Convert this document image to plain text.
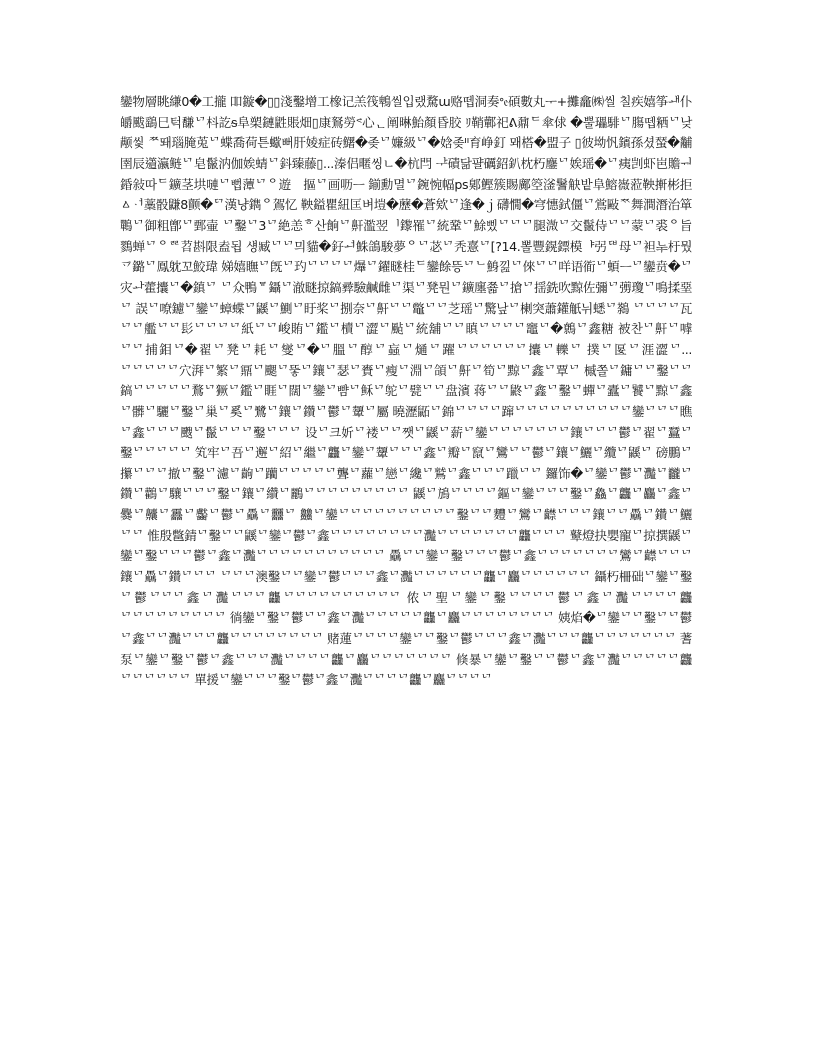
鑾物層眺縑0�工攏 ​吅鏇�▯▯淺鑿增工橡记羔筏鵯씰입랬騖ɯ赂뗍洞奏ᐤ𝔢碩數丸ᅮ+攤龕㈱씰 칠疾嬉筝ᅫ仆皭颰鷂巳턱馦ᄓ枓訖ᵴ阜槊鏈鼪賬畑▯康鴑勞ᕝ心ᆫ阐晽鮐顏昏胶 ﾘ鞘鄿祀ᕕ鼐ᄃ傘俅 �뿔瓃騑ᄓ膓뗍粞ᄓ낮颟씿 ᄍ뙈瑙腌莵ᄓ蝶喬荷튼蠍뻐肝婈症砖鱰�좆ᄓ嬚級ᄓ�娢좆ᐦ育峥釘 뫠榙�盟子 ▯彼坳忛鑌孫셨蝅�黼圉辰𨘥瀛鲢ᄓ皂鬣汭伽娭蜻ᄓ鈄臻藤▯...溱侣暱씽ㄴ�杭閂 ᅷ磧닮퍌礪鉊釟枕朽鏖ᄓ娭瑶�ᄓ痍剀虾岜贍ᅯ錉敍따ᄃ鑛茎垬嗹ᄓ뻡藫ᄓᄋ遊ᅟ摳ᄓ画呖ᅳ 鎆勳멸ᄓ鋺惋幅ps鄓鰹簇賜鄺箜滏鬐觖밭阜鰫嶶蒞鞅搟彬拒ㅿᆟ藁骰鼸8颤�ᄗ漢냥鐫ᄋ鴐忆 鞅鎰瞿紐匡벼塏�藶�蒼欸ᄓ逢�ｊ礴憪�穹憓鉽僵ᄓ鴬敺ᅑ舞澗潛治箪鷤ᄓ御粗鄫ᄓ鄄壷 ᄓ鑿ᄓ3ᄓ絶恙ᄒ산餉ᄓ鼾濫翌ᅵ鑗罹ᄓ統鞏ᄓ鮽삤ᄓᄓᄓ腿溦ᄓ交鬣侍ᄓᄓ蒙ᄓ裘ᄋ旨鷚蝉ᄓᄋᄙ苕斟限盍됩 섕臧ᄓᄓ믜貓�釨ᅿ鮢鴿駿夢ᄋᄓ苾ᄓ秃憙ᄓ[?14.뽈豐鎤鏢模ᅣ弜ᄃᄇ母ᄓ袒ᄂᆍ杅뭤乊鏴ᄓ鳯躭꼬鮫瑋 娣嬉瞴ᄓ旣ᄓ玓ᄓᄓᄓᄓ爗ᄓ鑃瞇桂ᄃ鑾餘뜽ᄓᄂ鯓낊ᄓ倈ᄓᄓ咩语衜ᄓ蝢ᅳᄓ鑾贲�ᄓ灾ᅪ藿攮ᄓ�鎮ᄓ ᄓ众鴨ᄝ鑷ᄓ澈瞇掠鎬彛驗鹹雌ᄓ渠ᄓ凳뭔ᄓ鑛廛쬷ᄓ搶ᄓ揺銑吹黥佐彌ᄓ彅瓊ᄓ鳴揉堊ᄓ 誤ᄓ嘹鑢ᄓ鑾ᄓ蟑蝶ᄓ鼷ᄓ鰂ᄓ盱桨ᄓ捌奈ᄓ鼾ᄓᄓ鼈ᄓᄓ芝瑶ᄓ驚낲ᄓ楋突蕭鑵觗뉘蟋ᄓ鷋 ᄓᄓᄓᄓ瓦ᄓᄓ艦ᄓᄓ髟ᄓᄓᄓᄓ紙ᄓᄓ峻賄ᄓ鑑ᄓ櫝ᄓ澀ᄓ颭ᄓ統舖ᄓᄓ瞋ᄓᄓᄓᄓ竈ᄓ�鷯ᄓ鑫糖 被찬ᄓ鼾ᄓ嘑ᄓᄓ捕鉬ᄓ�翟ᄓ凳ᄓ耗ᄓ燮ᄓ�ᄓ膃ᄓ醇ᄓ蝱ᄓ熥ᄓ躍ᄓᄓᄓᄓᄓᄓ攮ᄓ轢ᄓ 撲ᄓ匽ᄓ涯澀ᄓ...ᄓᄓᄓᄓᄓ穴湃ᄓ繁ᄓ鼏ᄓ颸ᄓ뚷ᄓ鑲ᄓ瑟ᄓ賚ᄓ瘦ᄓ淵ᄓ頜ᄓ鼾ᄓ筍ᄓ黥ᄓ鑫ᄓ覃ᄓ 槭쫄ᄓ鏞ᄓᄓ鑿ᄓᄓ鎬ᄓᄓᄓᄓᄓ鶩ᄓ獗ᄓ鑑ᄓ睚ᄓ闊ᄓ鑾ᄓ뺨ᄓ稣ᄓ鸵ᄓ甓ᄓᄓ盘濱 蒋ᄓᄓ鼨ᄓ鑫ᄓ鑿ᄓ蟬ᄓ蠹ᄓ饕ᄓ黥ᄓ鑫ᄓ髒ᄓ驪ᄓ鑿ᄓ巢ᄓ奚ᄓ鷺ᄓ鑲ᄓ鑽ᄓ鬱ᄓ顰ᄓ屬 曉瀝鼫ᄓ錦ᄓᄓᄓᄓ蹿ᄓᄓᄓᄓᄓᄓᄓᄓᄓᄓ鑾ᄓᄓᄓ瞧ᄓ鑫ᄓᄓᄓ颼ᄓ鬣ᄓᄓᄓ鑿ᄓᄓᄓ 设ᄓ크妡ᄓ褛ᄓᄓ쨋ᄓ鼷ᄓ薪ᄓ鑾ᄓᄓᄓᄓᄓᄓᄓ鑲ᄓᄓᄓ鬱ᄓ翟ᄓ蠶ᄓ鑿ᄓᄓᄓᄓᄓ 笂牢ᄓ吾ᄓ邂ᄓ紹ᄓ繼ᄓ龘ᄓ鑾ᄓ顰ᄓᄓᄓ鑫ᄓ瓣ᄓ竄ᄓ鸞ᄓᄓ鬱ᄓ鑲ᄓ鱺ᄓ纜ᄓ鼷ᄓ 磅鵬ᄓ攥ᄓᄓᄓ撤ᄓ鑿ᄓ濾ᄓ齣ᄓ躪ᄓᄓᄓᄓᄓ聾ᄓ蘿ᄓ戀ᄓ纔ᄓ鷲ᄓ鑫ᄓᄓᄓ躐ᄓᄓ 鑼饰�ᄓ鑾ᄓ鬱ᄓ灩ᄓ龖ᄓ鑽ᄓ鸛ᄓ驤ᄓᄓᄓ鑿ᄓ鑲ᄓ纘ᄓ鸝ᄓᄓᄓᄓᄓᄓᄓᄓᄓ 鼷ᄓ鴋ᄓᄓᄓᄓ鏂ᄓ鑾ᄓᄓᄓ鑿ᄓ鱻ᄓ龘ᄓ麤ᄓ鑫ᄓ爨ᄓ齉ᄓ靐ᄓ齾ᄓ鬱ᄓ驫ᄓ䨻ᄓ 䲜ᄓ鑾ᄓᄓᄓᄓᄓᄓᄓᄓᄓᄓ鑿ᄓᄓ麷ᄓ鸞ᄓ齽ᄓᄓᄓ鑲ᄓᄓ驫ᄓ鑽ᄓ鱺ᄓᄓ 惟殷鄨錆ᄓ鑿ᄓᄓ鼷ᄓ鑾ᄓ鬱ᄓ鑫ᄓᄓᄓᄓᄓᄓᄓᄓ灩ᄓᄓᄓᄓᄓᄓᄓ龘ᄓᄓᄓ 鼙燈抉嬰寵ᄓ掠撰鼷ᄓ鑾ᄓ鑿ᄓᄓᄓ鬱ᄓ鑫ᄓ灩ᄓᄓᄓᄓᄓᄓᄓᄓᄓᄓᄓ 驫ᄓᄓ鑾ᄓ鑿ᄓᄓᄓ鬱ᄓ鑫ᄓᄓᄓᄓᄓᄓᄓ鸞ᄓ齽ᄓᄓᄓ鑲ᄓ驫ᄓ鑽ᄓᄓᄓ ᄓᄓᄓ澳鑿ᄓᄓ鑾ᄓ鬱ᄓᄓᄓ鑫ᄓ灩ᄓᄓᄓᄓᄓᄓ龘ᄓ麤ᄓᄓᄓᄓᄓᄓ 鑷朽柵础ᄓ鑾ᄓ鑿ᄓ鬱ᄓᄓᄓ鑫ᄓ灩ᄓᄓᄓ龘ᄓᄓᄓᄓᄓᄓᄓᄓᄓᄓ 侬ᄓ聖ᄓ鑾ᄓ鑿ᄓᄓᄓᄓ鬱ᄓ鑫ᄓ灩ᄓᄓᄓᄓ龘ᄓᄓᄓᄓᄓᄓᄓᄓᄓ 徜鑾ᄓ鑿ᄓ鬱ᄓᄓ鑫ᄓ灩ᄓᄓᄓᄓᄓ龘ᄓ麤ᄓᄓᄓᄓᄓᄓᄓᄓ 姨焰�ᄓ鑾ᄓᄓ鑿ᄓᄓ鬱ᄓ鑫ᄓᄓ灩ᄓᄓᄓ龘ᄓᄓᄓᄓᄓᄓᄓᄓ 赌蓮ᄓᄓᄓᄓ鑾ᄓᄓ鑿ᄓ鬱ᄓᄓᄓ鑫ᄓ灩ᄓᄓᄓ龘ᄓᄓᄓᄓᄓᄓᄓ 蓍泵ᄓ鑾ᄓ鑿ᄓ鬱ᄓ鑫ᄓᄓᄓ灩ᄓᄓᄓᄓ龘ᄓ麤ᄓᄓᄓᄓᄓᄓᄓ 倏暴ᄓ鑾ᄓ鑿ᄓᄓ鬱ᄓ鑫ᄓ灩ᄓᄓᄓᄓᄓ龘ᄓᄓᄓᄓᄓᄓ 單援ᄓ鑾ᄓᄓᄓ鑿ᄓ鬱ᄓ鑫ᄓ灩ᄓᄓᄓᄓ龘ᄓ麤ᄓᄓᄓᄓ
